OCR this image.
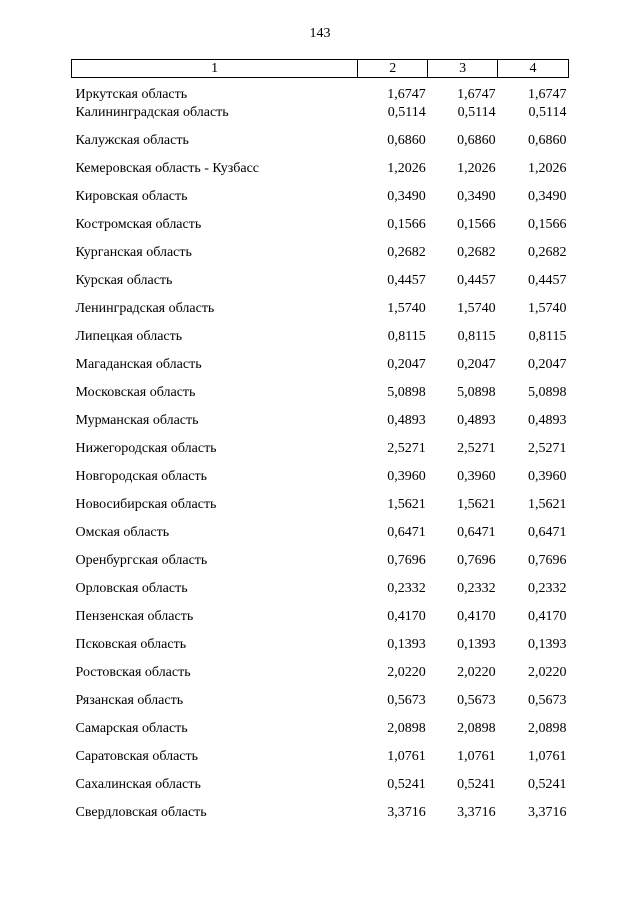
143
1	2	3	4
Иркутская область	1,6747	1,6747	1,6747
Калининградская область	0,5114	0,5114	0,5114
Калужская область	0,6860	0,6860	0,6860
Кемеровская область - Кузбасс	1,2026	1,2026	1,2026
Кировская область	0,3490	0,3490	0,3490
Костромская область	0,1566	0,1566	0,1566
Курганская область	0,2682	0,2682	0,2682
Курская область	0,4457	0,4457	0,4457
Ленинградская область	1,5740	1,5740	1,5740
Липецкая область	0,8115	0,8115	0,8115
Магаданская область	0,2047	0,2047	0,2047
Московская область	5,0898	5,0898	5,0898
Мурманская область	0,4893	0,4893	0,4893
Нижегородская область	2,5271	2,5271	2,5271
Новгородская область	0,3960	0,3960	0,3960
Новосибирская область	1,5621	1,5621	1,5621
Омская область	0,6471	0,6471	0,6471
Оренбургская область	0,7696	0,7696	0,7696
Орловская область	0,2332	0,2332	0,2332
Пензенская область	0,4170	0,4170	0,4170
Псковская область	0,1393	0,1393	0,1393
Ростовская область	2,0220	2,0220	2,0220
Рязанская область	0,5673	0,5673	0,5673
Самарская область	2,0898	2,0898	2,0898
Саратовская область	1,0761	1,0761	1,0761
Сахалинская область	0,5241	0,5241	0,5241
Свердловская область	3,3716	3,3716	3,3716
